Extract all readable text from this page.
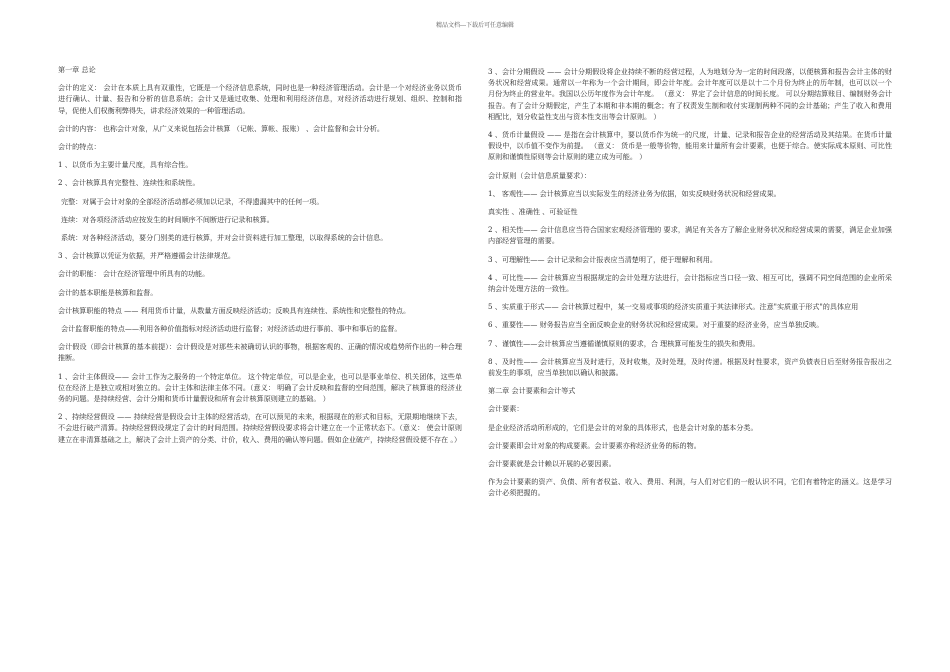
精品文档---下载后可任意编辑

第一章 总论

会计的定义： 会计在本质上具有双重性，它既是一个经济信息系统，同时也是一种经济管理活动。会计是一个对经济业务以货币进行确认、计量、报告和分析的信息系统；会计又是通过收集、处理和利用经济信息，对经济活动进行规划、组织、控制和指导，促使人们权衡利弊得失，讲求经济效果的一种管理活动。

会计的内容： 也称会计对象，从广义来说包括会计核算 （记帐、算帐、报账） 、会计监督和会计分析。

会计的特点：

1 、以货币为主要计量尺度，具有综合性。

2 、会计核算具有完整性、连续性和系统性。

完整：对属于会计对象的全部经济活动都必须加以记录，不得遗漏其中的任何一项。

连续：对各项经济活动应按发生的时间顺序不间断进行记录和核算。

系统：对各种经济活动，要分门别类的进行核算，并对会计资料进行加工整理，以取得系统的会计信息。

3 、会计核算以凭证为依据，并严格遵循会计法律规范。

会计的职能： 会计在经济管理中所具有的功能。

会计的基本职能是核算和监督。

会计核算职能的特点 —— 利用货币计量，从数量方面反映经济活动；反映具有连续性、系统性和完整性的特点。

会计监督职能的特点——利用各种价值指标对经济活动进行监督；对经济活动进行事前、事中和事后的监督。

会计假设（即会计核算的基本前提）：会计假设是对那些未被确切认识的事物，根据客观的、正确的情况或趋势所作出的一种合理推断。

1 、会计主体假设—— 会计工作为之服务的一个特定单位。 这个特定单位，可以是企业，也可以是事业单位、机关团体，这些单位在经济上是独立或相对独立的。会计主体和法律主体不同。（意义： 明确了会计反映和监督的空间范围，解决了核算谁的经济业务的问题。是持续经营、会计分期和货币计量假设和所有会计核算原则建立的基础。 ）

2 、持续经营假设 —— 持续经营是假设会计主体的经营活动，在可以预见的未来，根据现在的形式和目标，无限期地继续下去，不会进行破产清算。持续经营假设规定了会计的时间范围。持续经营假设要求将会计建立在一个正常状态下。（意义： 使会计原则建立在非清算基础之上，解决了会计上资产的分类、计价，收入、费用的确认等问题。假如企业破产，持续经营假设便不存在 。）

3 、会计分期假设 —— 会计分期假设将企业持续不断的经营过程，人为地划分为一定的时间段落，以便核算和报告会计主体的财务状况和经营成果。通常以一年称为一个会计期间，即会计年度。会计年度可以是以十二个月份为终止的历年制，也可以以一个月份为终止的营业年。我国以公历年度作为会计年度。 （意义： 界定了会计信息的时间长度。 可以分期结算账目、编制财务会计报告。有了会计分期假定，产生了本期和非本期的概念；有了权责发生制和收付实现制两种不同的会计基础；产生了收入和费用相配比，划分收益性支出与资本性支出等会计原则。 ）

4 、货币计量假设 —— 是指在会计核算中，要以货币作为统一的尺度，计量、记录和报告企业的经营活动及其结果。在货币计量假设中，以币值不变作为前提。 （意义： 货币是一般等价物，能用来计量所有会计要素，也便于综合。使实际成本原则、可比性原则和谨慎性原则等会计原则的建立成为可能。 ）

会计原则（会计信息质量要求）：

1、 客观性—— 会计核算应当以实际发生的经济业务为依据，如实反映财务状况和经营成果。

真实性 、准确性 、可验证性

2 、相关性—— 会计信息应当符合国家宏观经济管理的 要求，满足有关各方了解企业财务状况和经营成果的需要，满足企业加强内部经营管理的需要。

3 、可理解性—— 会计记录和会计报表应当清楚明了，便于理解和利用。

4 、可比性—— 会计核算应当根据规定的会计处理方法进行，会计指标应当口径一致、相互可比，强调不同空间范围的企业所采纳会计处理方法的一致性。

5 、实质重于形式—— 会计核算过程中，某一交易或事项的经济实质重于其法律形式。注意"实质重于形式"的具体应用

6 、重要性—— 财务报告应当全面反映企业的财务状况和经营成果。对于重要的经济业务，应当单独反映。

7 、谨慎性——会计核算应当遵循谨慎原则的要求，合 理核算可能发生的损失和费用。

8 、及时性—— 会计核算应当及时进行，及时收集，及时处理，及时传递。根据及时性要求，资产负债表日后至财务报告报出之前发生的事项，应当单独加以确认和披露。

第二章 会计要素和会计等式

会计要素：

是企业经济活动所形成的，它们是会计的对象的具体形式，也是会计对象的基本分类。

会计要素即会计对象的构成要素。会计要素亦称经济业务的标的物。

会计要素就是会计赖以开展的必要因素。

作为会计要素的资产、负债、所有者权益、收入、费用、利润，与人们对它们的一般认识不同，它们有着特定的涵义。这是学习会计必须把握的。
